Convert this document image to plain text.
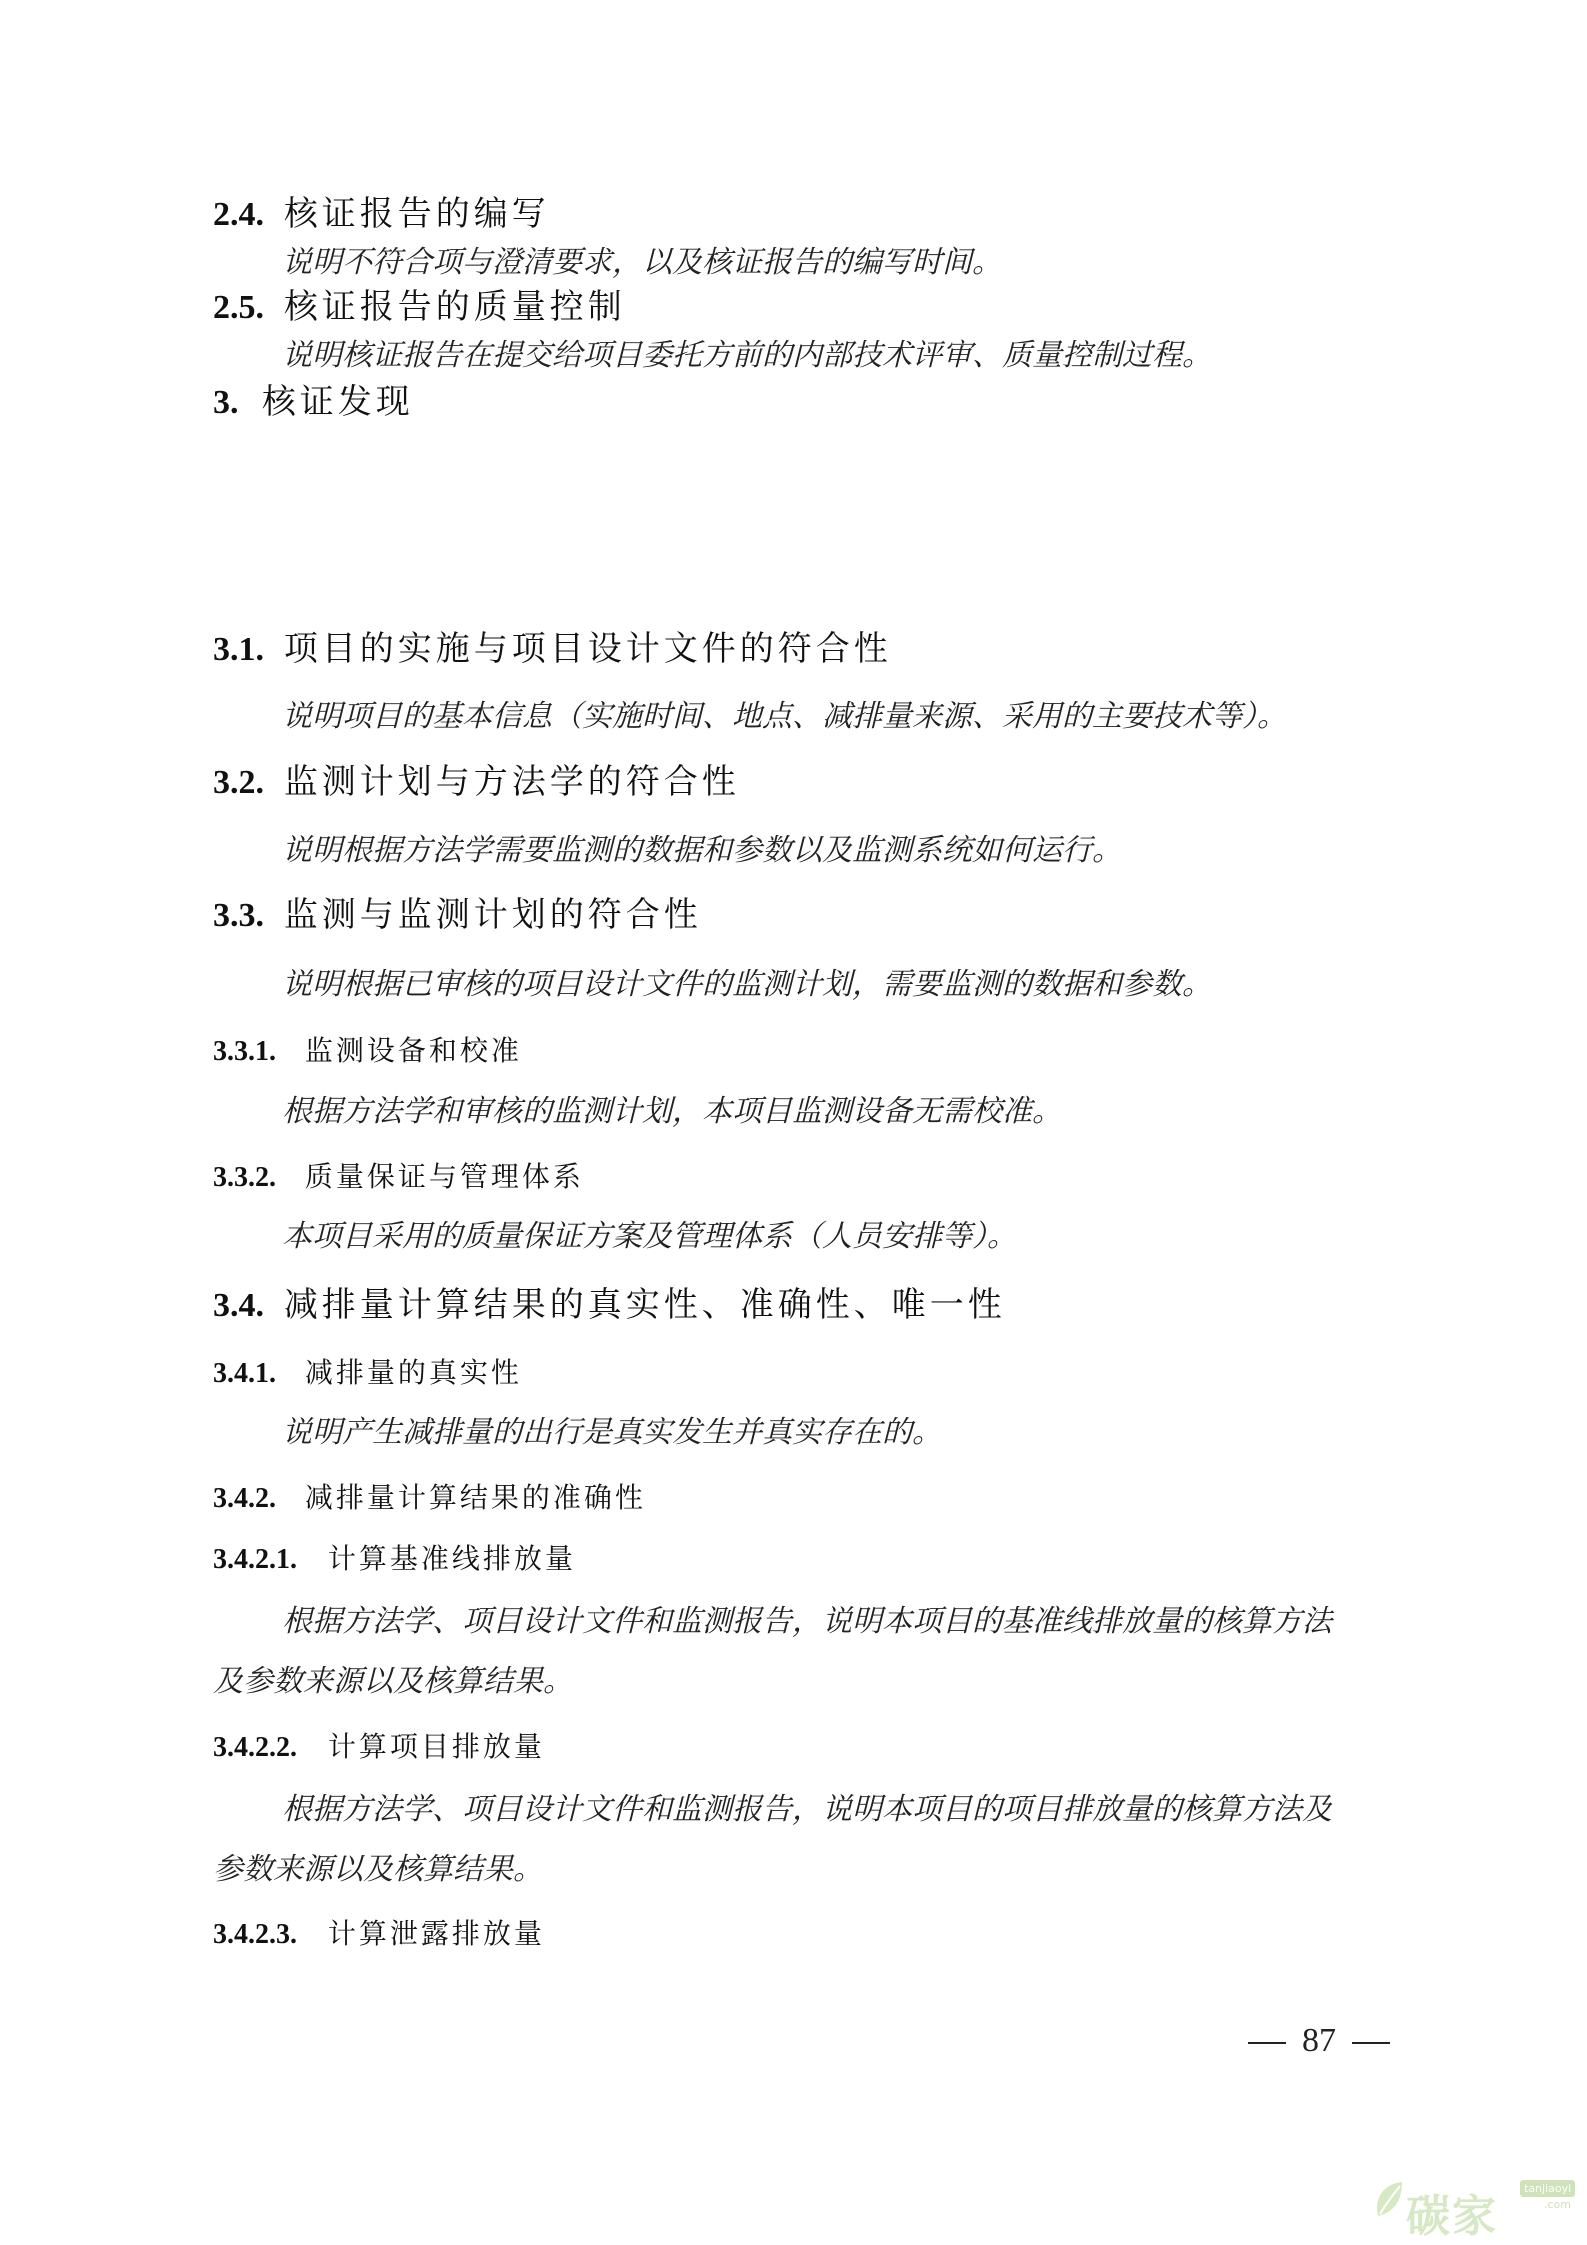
2.4. 核证报告的编写
说明不符合项与澄清要求，以及核证报告的编写时间。
2.5. 核证报告的质量控制
说明核证报告在提交给项目委托方前的内部技术评审、质量控制过程。
3. 核证发现
3.1. 项目的实施与项目设计文件的符合性
说明项目的基本信息（实施时间、地点、减排量来源、采用的主要技术等）。
3.2. 监测计划与方法学的符合性
说明根据方法学需要监测的数据和参数以及监测系统如何运行。
3.3. 监测与监测计划的符合性
说明根据已审核的项目设计文件的监测计划，需要监测的数据和参数。
3.3.1. 监测设备和校准
根据方法学和审核的监测计划，本项目监测设备无需校准。
3.3.2. 质量保证与管理体系
本项目采用的质量保证方案及管理体系（人员安排等）。
3.4. 减排量计算结果的真实性、准确性、唯一性
3.4.1. 减排量的真实性
说明产生减排量的出行是真实发生并真实存在的。
3.4.2. 减排量计算结果的准确性
3.4.2.1. 计算基准线排放量
根据方法学、项目设计文件和监测报告，说明本项目的基准线排放量的核算方法
及参数来源以及核算结果。
3.4.2.2. 计算项目排放量
根据方法学、项目设计文件和监测报告，说明本项目的项目排放量的核算方法及
参数来源以及核算结果。
3.4.2.3. 计算泄露排放量
87
碳家
tanjiaoyi
.com
